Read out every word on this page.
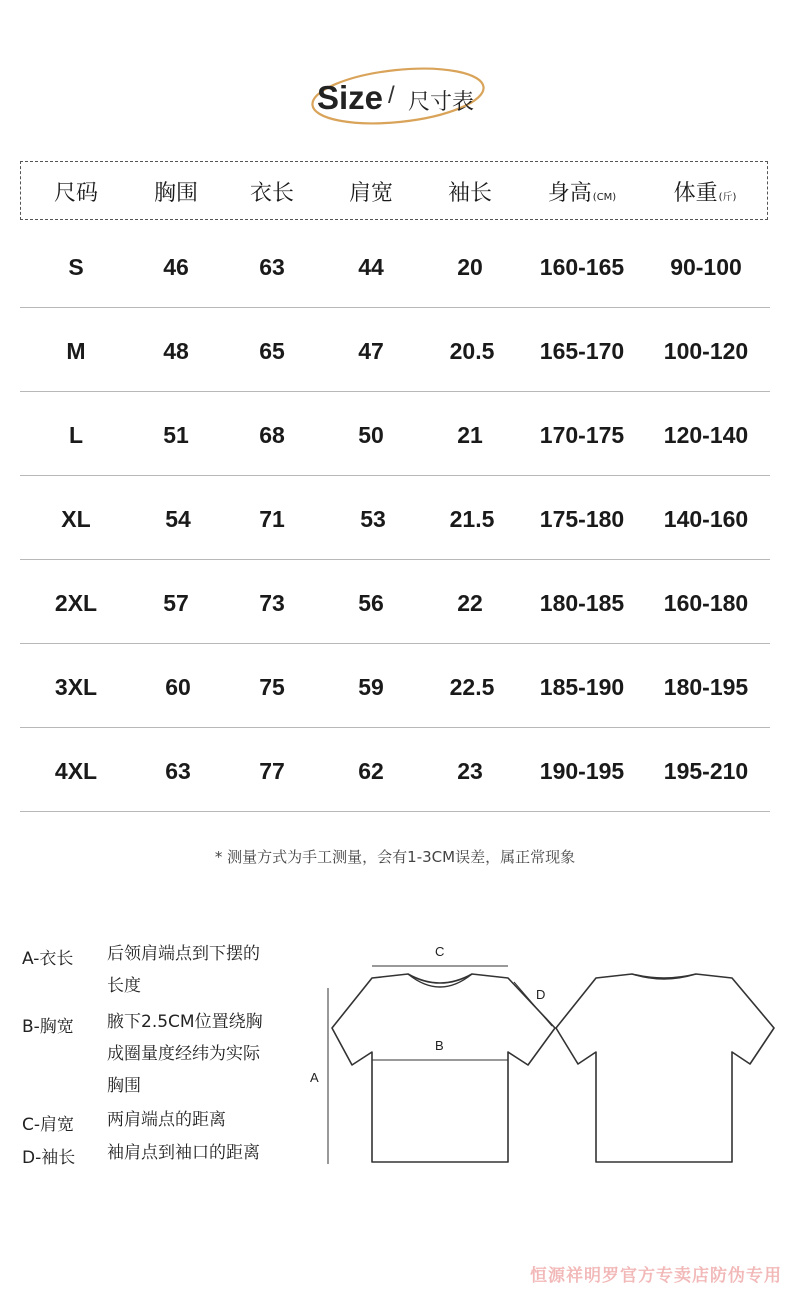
Size / 尺寸表
尺码	胸围 衣长 肩宽 袖长	身高(CM)	体重(斤)
S	46	63	44	20 160-165 90-100
M	48	65	47	20.5 165-170 100-120
L	51	68	50	21 170-175 120-140
XL	54	71	53	21.5 175-180 140-160
2XL	57	73	56	22 180-185 160-180
3XL	60	75	59	22.5 185-190 180-195
4XL	63	77	62	23 190-195 195-210
* 测量方式为手工测量，会有1-3CM误差，属正常现象
A-衣长 后领肩端点到下摆的
长度
B-胸宽 腋下2.5CM位置绕胸
成圈量度经纬为实际
胸围
C-肩宽 两肩端点的距离
D-袖长 袖肩点到袖口的距离
A
B
C
D
恒源祥明罗官方专卖店防伪专用
